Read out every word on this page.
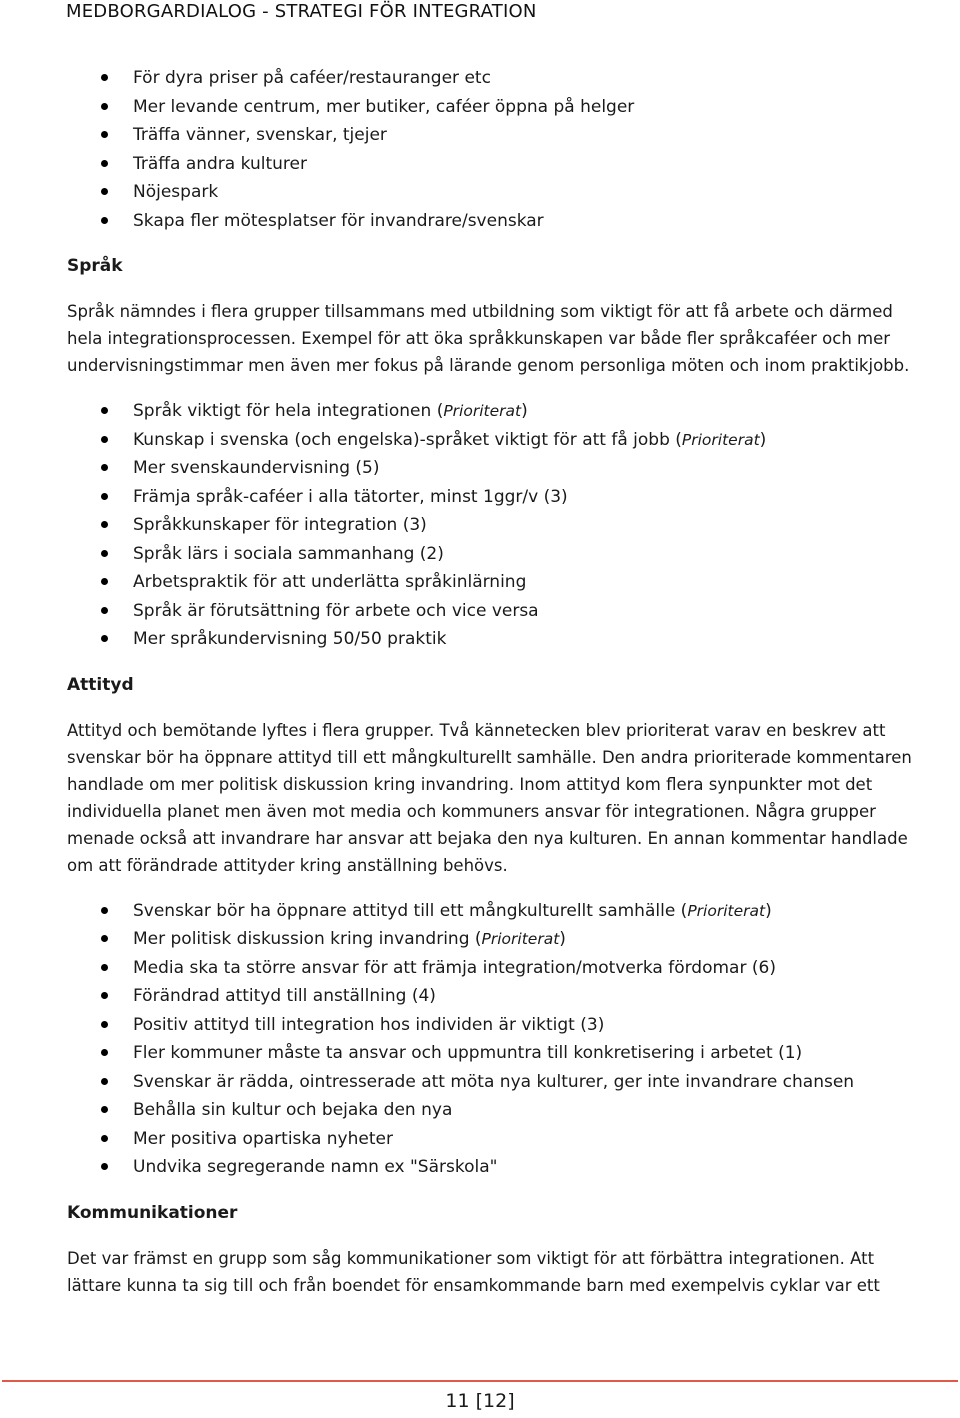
MEDBORGARDIALOG - STRATEGI FÖR INTEGRATION
För dyra priser på caféer/restauranger etc
Mer levande centrum, mer butiker, caféer öppna på helger
Träffa vänner, svenskar, tjejer
Träffa andra kulturer
Nöjespark
Skapa fler mötesplatser för invandrare/svenskar
Språk

Språk nämndes i flera grupper tillsammans med utbildning som viktigt för att få arbete och därmed hela integrationsprocessen. Exempel för att öka språkkunskapen var både fler språkcaféer och mer undervisningstimmar men även mer fokus på lärande genom personliga möten och inom praktikjobb.

Språk viktigt för hela integrationen (Prioriterat)
Kunskap i svenska (och engelska)-språket viktigt för att få jobb (Prioriterat)
Mer svenskaundervisning (5)
Främja språk-caféer i alla tätorter, minst 1ggr/v (3)
Språkkunskaper för integration (3)
Språk lärs i sociala sammanhang (2)
Arbetspraktik för att underlätta språkinlärning
Språk är förutsättning för arbete och vice versa
Mer språkundervisning 50/50 praktik
Attityd

Attityd och bemötande lyftes i flera grupper. Två kännetecken blev prioriterat varav en beskrev att svenskar bör ha öppnare attityd till ett mångkulturellt samhälle. Den andra prioriterade kommentaren handlade om mer politisk diskussion kring invandring. Inom attityd kom flera synpunkter mot det individuella planet men även mot media och kommuners ansvar för integrationen. Några grupper menade också att invandrare har ansvar att bejaka den nya kulturen. En annan kommentar handlade om att förändrade attityder kring anställning behövs.

Svenskar bör ha öppnare attityd till ett mångkulturellt samhälle (Prioriterat)
Mer politisk diskussion kring invandring (Prioriterat)
Media ska ta större ansvar för att främja integration/motverka fördomar (6)
Förändrad attityd till anställning (4)
Positiv attityd till integration hos individen är viktigt (3)
Fler kommuner måste ta ansvar och uppmuntra till konkretisering i arbetet (1)
Svenskar är rädda, ointresserade att möta nya kulturer, ger inte invandrare chansen
Behålla sin kultur och bejaka den nya
Mer positiva opartiska nyheter
Undvika segregerande namn ex "Särskola"
Kommunikationer

Det var främst en grupp som såg kommunikationer som viktigt för att förbättra integrationen. Att lättare kunna ta sig till och från boendet för ensamkommande barn med exempelvis cyklar var ett

11 [12]
